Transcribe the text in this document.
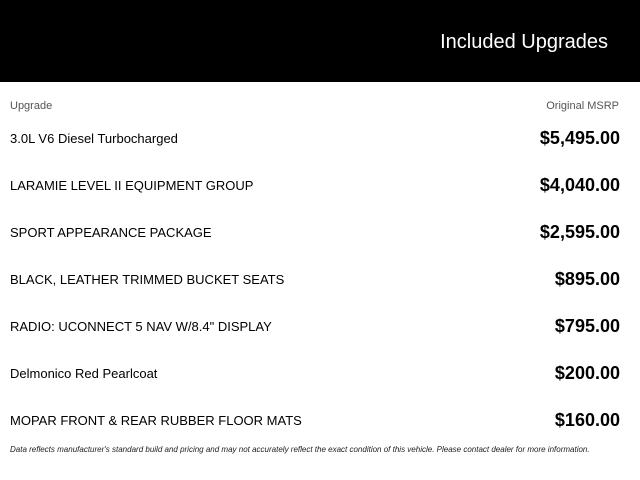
Included Upgrades
Upgrade	Original MSRP
3.0L V6 Diesel Turbocharged	$5,495.00
LARAMIE LEVEL II EQUIPMENT GROUP	$4,040.00
SPORT APPEARANCE PACKAGE	$2,595.00
BLACK, LEATHER TRIMMED BUCKET SEATS	$895.00
RADIO: UCONNECT 5 NAV W/8.4" DISPLAY	$795.00
Delmonico Red Pearlcoat	$200.00
MOPAR FRONT & REAR RUBBER FLOOR MATS	$160.00
Data reflects manufacturer's standard build and pricing and may not accurately reflect the exact condition of this vehicle. Please contact dealer for more information.
